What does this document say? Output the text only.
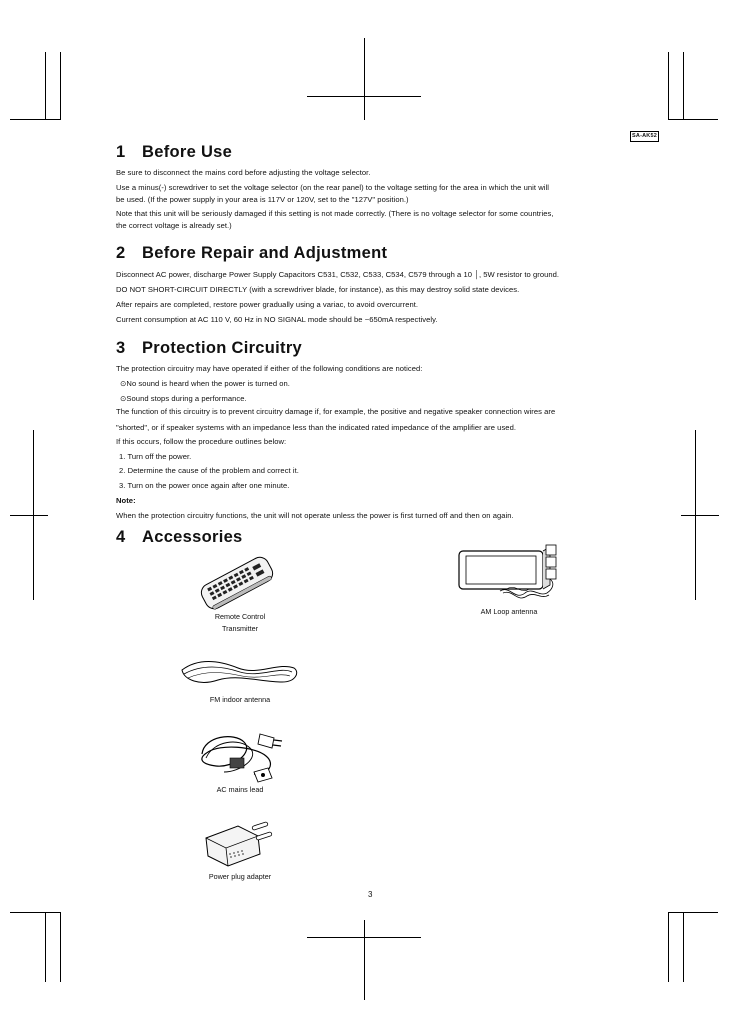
SA-AK52
1 Before Use

Be sure to disconnect the mains cord before adjusting the voltage selector.

Use a minus(-) screwdriver to set the voltage selector (on the rear panel) to the voltage setting for the area in which the unit will

be used. (If the power supply in your area is 117V or 120V, set to the "127V" position.)

Note that this unit will be seriously damaged if this setting is not made correctly. (There is no voltage selector for some countries,

the correct voltage is already set.)

2 Before Repair and Adjustment

Disconnect AC power, discharge Power Supply Capacitors C531, C532, C533, C534, C579 through a 10 │, 5W resistor to ground.

DO NOT SHORT-CIRCUIT DIRECTLY (with a screwdriver blade, for instance), as this may destroy solid state devices.

After repairs are completed, restore power gradually using a variac, to avoid overcurrent.

Current consumption at AC 110 V, 60 Hz in NO SIGNAL mode should be ~650mA respectively.

3 Protection Circuitry

The protection circuitry may have operated if either of the following conditions are noticed:

⊙No sound is heard when the power is turned on.

⊙Sound stops during a performance.

The function of this circuitry is to prevent circuitry damage if, for example, the positive and negative speaker connection wires are

"shorted", or if speaker systems with an impedance less than the indicated rated impedance of the amplifier are used.

If this occurs, follow the procedure outlines below:

1. Turn off the power.

2. Determine the cause of the problem and correct it.

3. Turn on the power once again after one minute.

Note:

When the protection circuitry functions, the unit will not operate unless the power is first turned off and then on again.

4 Accessories
Remote Control
Transmitter
AM Loop antenna
FM indoor antenna
AC mains lead
Power plug adapter
3
